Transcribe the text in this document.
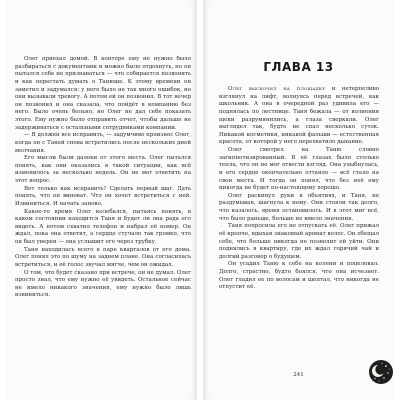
Олег приехал домой. В конто́ре ему не нужно было разбираться с документами и можно было отдохнуть, но он пытался себе не признаваться — что собирается позвонить и как перестать думать о Танюше. К этому времени он заметил и задумался: у него было не так много ошибок, но они вызывали тревогу. А потом ей он позвонил. В тот вечер он позвонил и она сказала, что пойдёт в компанию без него. Было очень больно, но Олег не дал себе показать этого. Ему нужно было отправить отчет, чтобы дальше не задерживаться с остальными сотрудниками компании.

— Я должен все исправить, — задумчиво произнес Олег, когда он с Таней снова встретились после нескольких дней молчания.

Его мысли были далеки от этого места. Олег пытался понять, как они оказались в такой ситуации, как всё изменилось за несколько недель. Он не мог ответить на этот вопрос.

Вот только как исправить? Сделать первый шаг. Дать понять, что он виноват. Что он хочет встретиться с ней. Извиниться. И начать заново.

Какое-то время Олег колебался, пытаясь понять, в каком состоянии находится Таня и будет ли она рада его видеть. А потом схватил телефон и набрал её номер. Он ждал, пока она ответит, а сердце стучало так громко, что он был уверен — она услышит его через трубку.

Таня находилась всего в паре кварталов от его дома. Олег понял это по шуму на заднем плане. Она согласилась встретиться, и её голос звучал мягче, чем он ожидал.

О том, что будет сказано при встрече, он не думал. Олег просто знал, что ему нужно её увидеть. Остальное сейчас не имело никакого значения, ему нужно было лишь извиниться.

ГЛАВА 13

Олег выскочил на площадку и нетерпеливо взглянул на лифт, волнуясь перед встречей, как школьник. А она в очередной раз удивила его — поднялась по лестнице. Таня бежала — от волнения щеки разрумянились, а глаза сверкали. Олег выглядел так, будто не спал несколько суток. Никакой косметики, никакой фальши — естественная красота, от которой у него перехватило дыхание.

Олег смотрел на Таню словно загипнотизированный. В её глазах было столько тепла, что он не мог отвести взгляд. Она улыбнулась, и его сердце окончательно оттаяло — всё стало на свои места. И тогда он понял, что без неё ему никогда не будет по-настоящему хорошо.

Олег раскинул руки в объятиях, и Таня, не раздумывая, шагнула к нему. Они стояли так долго, что казалось, время остановилось. И в этот миг всё, что было раньше, больше не имело значения.

Таня попросила его не отпускать её. Олег прижал её крепче, вдыхая знакомый аромат волос. Он обещал себе, что больше никогда не позволит ей уйти. Они поднялись в квартиру, где их ждал горячий чай и долгий разговор о будущем.

Он усадил Таню к себе на колени и поцеловал. Долго, страстно, будто боялся, что она исчезнет. Олег гладил ее по волосам и шептал, что никогда не отпустит её.

241
